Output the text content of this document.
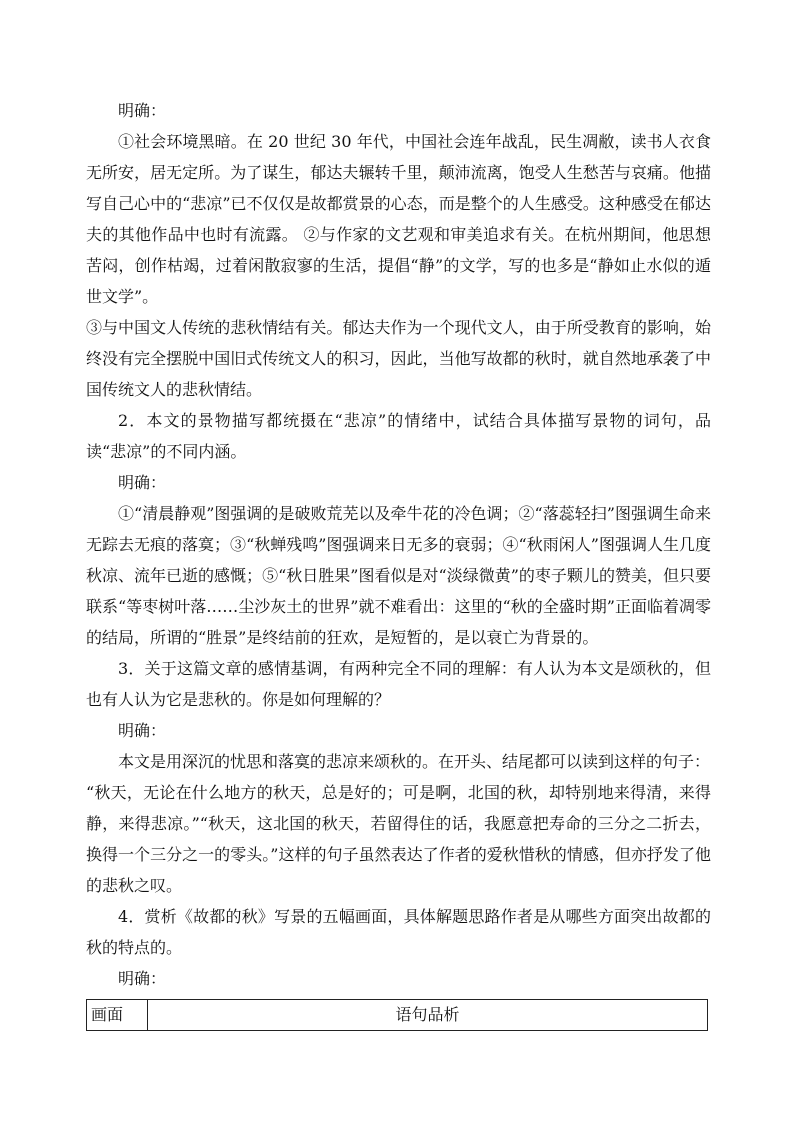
明确：

①社会环境黑暗。在 20 世纪 30 年代，中国社会连年战乱，民生凋敝，读书人衣食无所安，居无定所。为了谋生，郁达夫辗转千里，颠沛流离，饱受人生愁苦与哀痛。他描写自己心中的“悲凉”已不仅仅是故都赏景的心态，而是整个的人生感受。这种感受在郁达夫的其他作品中也时有流露。 ②与作家的文艺观和审美追求有关。在杭州期间，他思想苦闷，创作枯竭，过着闲散寂寥的生活，提倡“静”的文学，写的也多是“静如止水似的遁世文学”。

③与中国文人传统的悲秋情结有关。郁达夫作为一个现代文人，由于所受教育的影响，始终没有完全摆脱中国旧式传统文人的积习，因此，当他写故都的秋时，就自然地承袭了中国传统文人的悲秋情结。

2．本文的景物描写都统摄在“悲凉”的情绪中，试结合具体描写景物的词句，品读“悲凉”的不同内涵。

明确：

①“清晨静观”图强调的是破败荒芜以及牵牛花的冷色调；②“落蕊轻扫”图强调生命来无踪去无痕的落寞；③“秋蝉残鸣”图强调来日无多的衰弱；④“秋雨闲人”图强调人生几度秋凉、流年已逝的感慨；⑤“秋日胜果”图看似是对“淡绿微黄”的枣子颗儿的赞美，但只要联系“等枣树叶落……尘沙灰土的世界”就不难看出：这里的“秋的全盛时期”正面临着凋零的结局，所谓的“胜景”是终结前的狂欢，是短暂的，是以衰亡为背景的。

3．关于这篇文章的感情基调，有两种完全不同的理解：有人认为本文是颂秋的，但也有人认为它是悲秋的。你是如何理解的？

明确：

本文是用深沉的忧思和落寞的悲凉来颂秋的。在开头、结尾都可以读到这样的句子：

“秋天，无论在什么地方的秋天，总是好的；可是啊，北国的秋，却特别地来得清，来得静，来得悲凉。”“秋天，这北国的秋天，若留得住的话，我愿意把寿命的三分之二折去，换得一个三分之一的零头。”这样的句子虽然表达了作者的爱秋惜秋的情感，但亦抒发了他的悲秋之叹。

4．赏析《故都的秋》写景的五幅画面，具体解题思路作者是从哪些方面突出故都的秋的特点的。

明确：

画面	语句品析
